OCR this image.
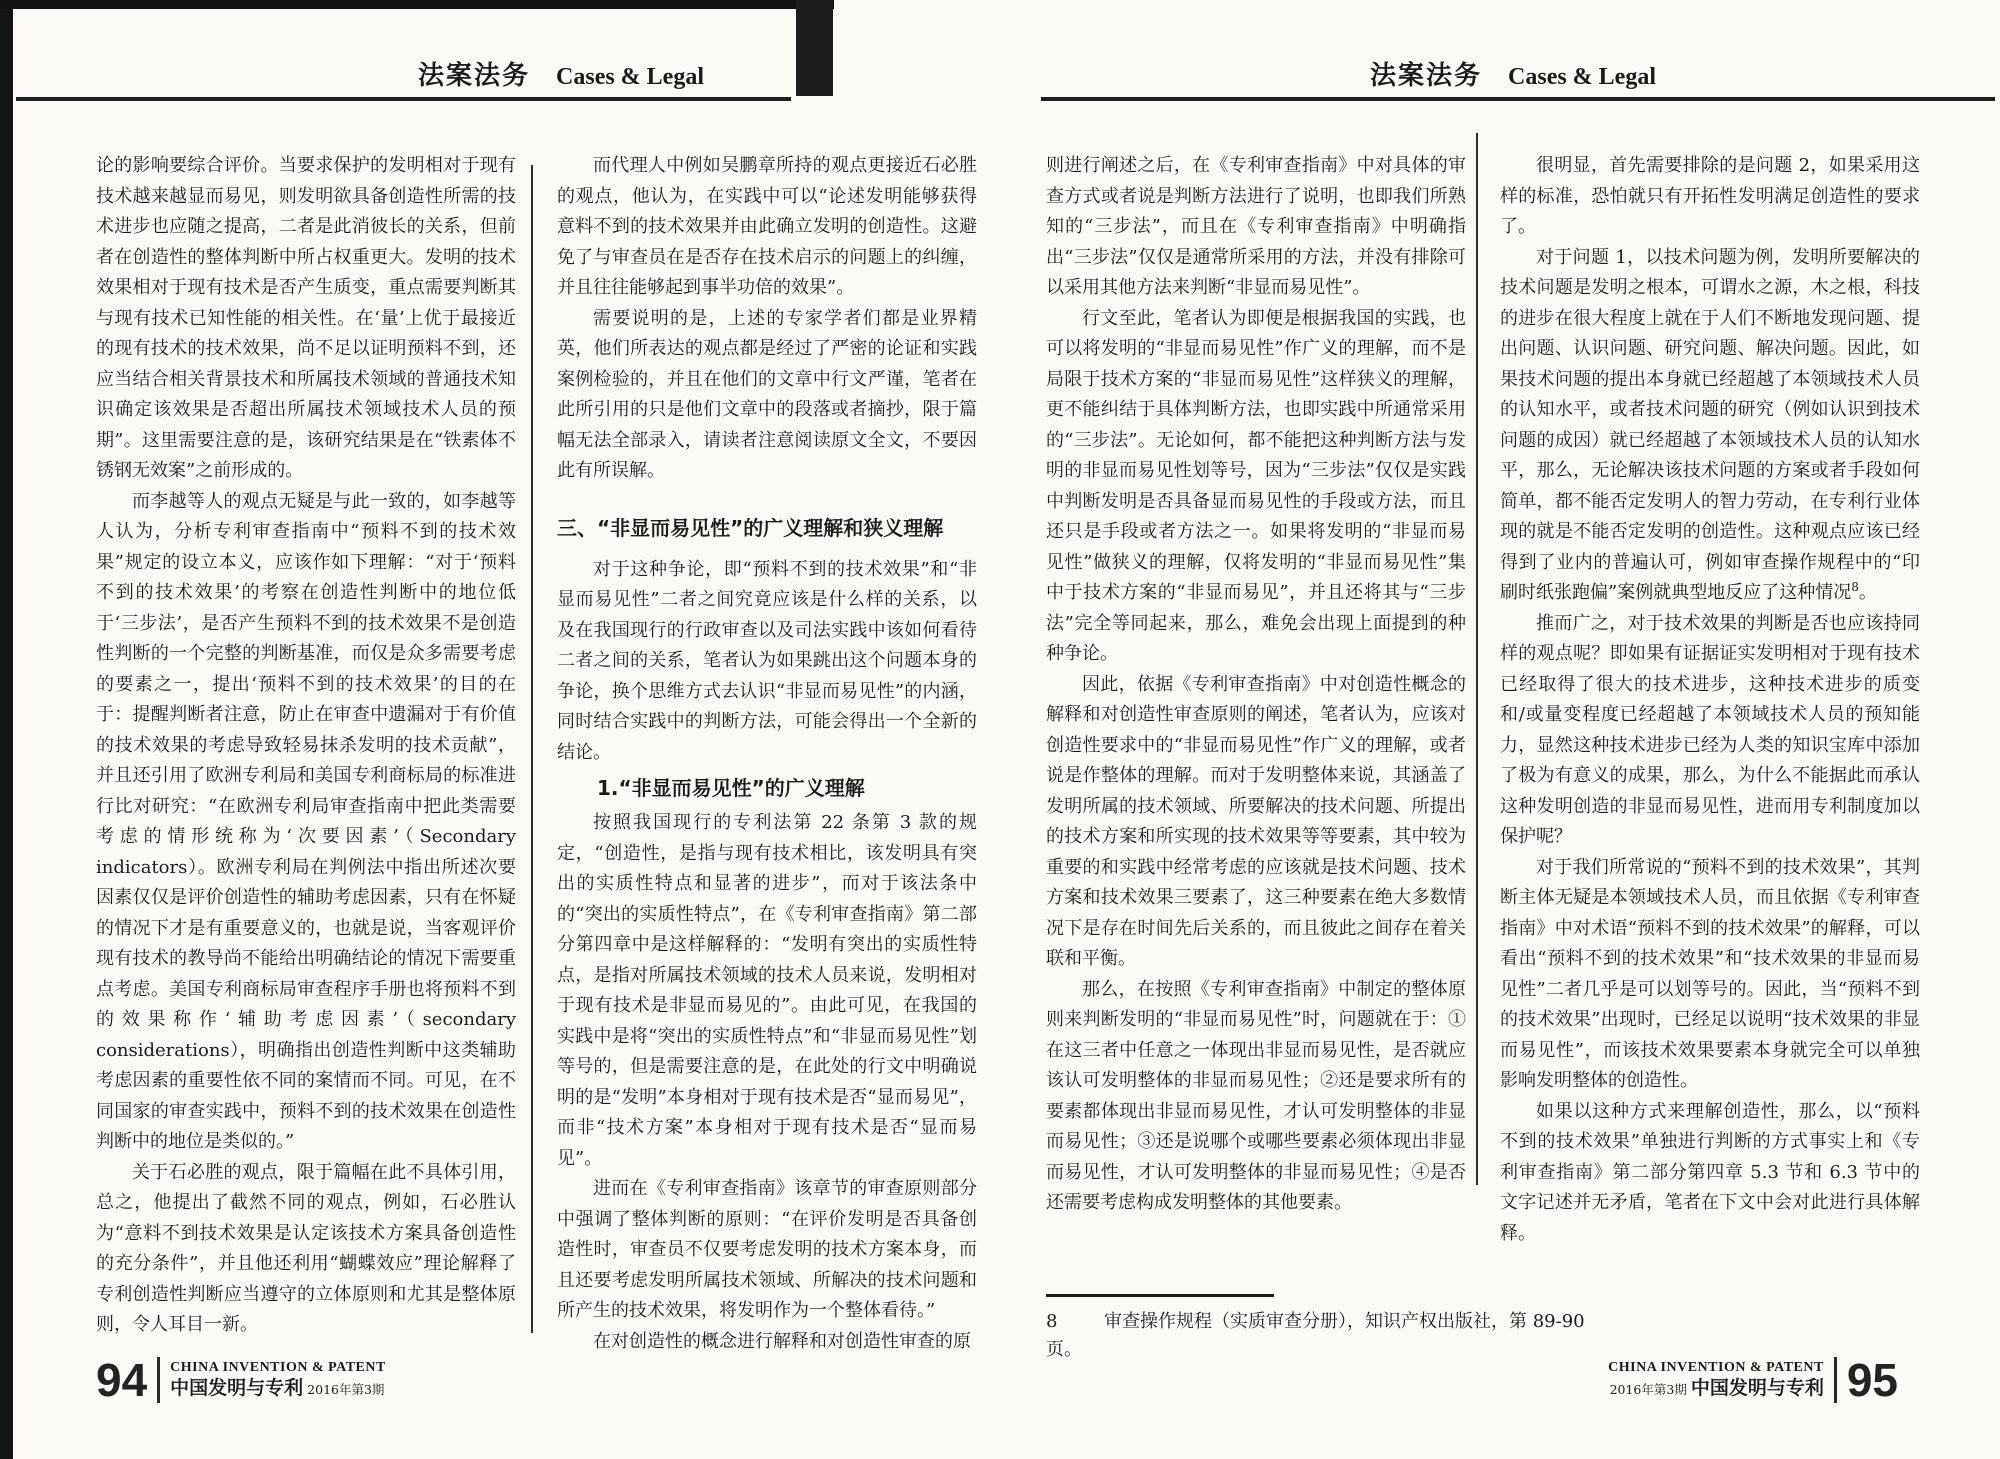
法案法务 Cases & Legal	法案法务 Cases & Legal

论的影响要综合评价。当要求保护的发明相对于现有技术越来越显而易见，则发明欲具备创造性所需的技术进步也应随之提高，二者是此消彼长的关系，但前者在创造性的整体判断中所占权重更大。发明的技术效果相对于现有技术是否产生质变，重点需要判断其与现有技术已知性能的相关性。在‘量’上优于最接近的现有技术的技术效果，尚不足以证明预料不到，还应当结合相关背景技术和所属技术领域的普通技术知识确定该效果是否超出所属技术领域技术人员的预期”。这里需要注意的是，该研究结果是在“铁素体不锈钢无效案”之前形成的。

而李越等人的观点无疑是与此一致的，如李越等人认为，分析专利审查指南中“预料不到的技术效果”规定的设立本义，应该作如下理解：“对于‘预料不到的技术效果’的考察在创造性判断中的地位低于‘三步法’，是否产生预料不到的技术效果不是创造性判断的一个完整的判断基准，而仅是众多需要考虑的要素之一，提出‘预料不到的技术效果’的目的在于：提醒判断者注意，防止在审查中遗漏对于有价值的技术效果的考虑导致轻易抹杀发明的技术贡献”，并且还引用了欧洲专利局和美国专利商标局的标准进行比对研究：“在欧洲专利局审查指南中把此类需要考虑的情形统称为‘次要因素’（Secondary indicators）。欧洲专利局在判例法中指出所述次要因素仅仅是评价创造性的辅助考虑因素，只有在怀疑的情况下才是有重要意义的，也就是说，当客观评价现有技术的教导尚不能给出明确结论的情况下需要重点考虑。美国专利商标局审查程序手册也将预料不到的效果称作‘辅助考虑因素’（secondary considerations），明确指出创造性判断中这类辅助考虑因素的重要性依不同的案情而不同。可见，在不同国家的审查实践中，预料不到的技术效果在创造性判断中的地位是类似的。”

关于石必胜的观点，限于篇幅在此不具体引用，总之，他提出了截然不同的观点，例如，石必胜认为“意料不到技术效果是认定该技术方案具备创造性的充分条件”，并且他还利用“蝴蝶效应”理论解释了专利创造性判断应当遵守的立体原则和尤其是整体原则，令人耳目一新。

而代理人中例如吴鹏章所持的观点更接近石必胜的观点，他认为，在实践中可以“论述发明能够获得意料不到的技术效果并由此确立发明的创造性。这避免了与审查员在是否存在技术启示的问题上的纠缠，并且往往能够起到事半功倍的效果”。

需要说明的是，上述的专家学者们都是业界精英，他们所表达的观点都是经过了严密的论证和实践案例检验的，并且在他们的文章中行文严谨，笔者在此所引用的只是他们文章中的段落或者摘抄，限于篇幅无法全部录入，请读者注意阅读原文全文，不要因此有所误解。

三、“非显而易见性”的广义理解和狭义理解

对于这种争论，即“预料不到的技术效果”和“非显而易见性”二者之间究竟应该是什么样的关系，以及在我国现行的行政审查以及司法实践中该如何看待二者之间的关系，笔者认为如果跳出这个问题本身的争论，换个思维方式去认识“非显而易见性”的内涵，同时结合实践中的判断方法，可能会得出一个全新的结论。

1.“非显而易见性”的广义理解

按照我国现行的专利法第 22 条第 3 款的规定，“创造性，是指与现有技术相比，该发明具有突出的实质性特点和显著的进步”，而对于该法条中的“突出的实质性特点”，在《专利审查指南》第二部分第四章中是这样解释的：“发明有突出的实质性特点，是指对所属技术领域的技术人员来说，发明相对于现有技术是非显而易见的”。由此可见，在我国的实践中是将“突出的实质性特点”和“非显而易见性”划等号的，但是需要注意的是，在此处的行文中明确说明的是“发明”本身相对于现有技术是否“显而易见”，而非“技术方案”本身相对于现有技术是否“显而易见”。

进而在《专利审查指南》该章节的审查原则部分中强调了整体判断的原则：“在评价发明是否具备创造性时，审查员不仅要考虑发明的技术方案本身，而且还要考虑发明所属技术领域、所解决的技术问题和所产生的技术效果，将发明作为一个整体看待。”

在对创造性的概念进行解释和对创造性审查的原

则进行阐述之后，在《专利审查指南》中对具体的审查方式或者说是判断方法进行了说明，也即我们所熟知的“三步法”，而且在《专利审查指南》中明确指出“三步法”仅仅是通常所采用的方法，并没有排除可以采用其他方法来判断“非显而易见性”。

行文至此，笔者认为即便是根据我国的实践，也可以将发明的“非显而易见性”作广义的理解，而不是局限于技术方案的“非显而易见性”这样狭义的理解，更不能纠结于具体判断方法，也即实践中所通常采用的“三步法”。无论如何，都不能把这种判断方法与发明的非显而易见性划等号，因为“三步法”仅仅是实践中判断发明是否具备显而易见性的手段或方法，而且还只是手段或者方法之一。如果将发明的“非显而易见性”做狭义的理解，仅将发明的“非显而易见性”集中于技术方案的“非显而易见”，并且还将其与“三步法”完全等同起来，那么，难免会出现上面提到的种种争论。

因此，依据《专利审查指南》中对创造性概念的解释和对创造性审查原则的阐述，笔者认为，应该对创造性要求中的“非显而易见性”作广义的理解，或者说是作整体的理解。而对于发明整体来说，其涵盖了发明所属的技术领域、所要解决的技术问题、所提出的技术方案和所实现的技术效果等等要素，其中较为重要的和实践中经常考虑的应该就是技术问题、技术方案和技术效果三要素了，这三种要素在绝大多数情况下是存在时间先后关系的，而且彼此之间存在着关联和平衡。

那么，在按照《专利审查指南》中制定的整体原则来判断发明的“非显而易见性”时，问题就在于：①在这三者中任意之一体现出非显而易见性，是否就应该认可发明整体的非显而易见性；②还是要求所有的要素都体现出非显而易见性，才认可发明整体的非显而易见性；③还是说哪个或哪些要素必须体现出非显而易见性，才认可发明整体的非显而易见性；④是否还需要考虑构成发明整体的其他要素。

很明显，首先需要排除的是问题 2，如果采用这样的标准，恐怕就只有开拓性发明满足创造性的要求了。

对于问题 1，以技术问题为例，发明所要解决的技术问题是发明之根本，可谓水之源，木之根，科技的进步在很大程度上就在于人们不断地发现问题、提出问题、认识问题、研究问题、解决问题。因此，如果技术问题的提出本身就已经超越了本领域技术人员的认知水平，或者技术问题的研究（例如认识到技术问题的成因）就已经超越了本领域技术人员的认知水平，那么，无论解决该技术问题的方案或者手段如何简单，都不能否定发明人的智力劳动，在专利行业体现的就是不能否定发明的创造性。这种观点应该已经得到了业内的普遍认可，例如审查操作规程中的“印刷时纸张跑偏”案例就典型地反应了这种情况$^8$。

推而广之，对于技术效果的判断是否也应该持同样的观点呢？即如果有证据证实发明相对于现有技术已经取得了很大的技术进步，这种技术进步的质变和/或量变程度已经超越了本领域技术人员的预知能力，显然这种技术进步已经为人类的知识宝库中添加了极为有意义的成果，那么，为什么不能据此而承认这种发明创造的非显而易见性，进而用专利制度加以保护呢？

对于我们所常说的“预料不到的技术效果”，其判断主体无疑是本领域技术人员，而且依据《专利审查指南》中对术语“预料不到的技术效果”的解释，可以看出“预料不到的技术效果”和“技术效果的非显而易见性”二者几乎是可以划等号的。因此，当“预料不到的技术效果”出现时，已经足以说明“技术效果的非显而易见性”，而该技术效果要素本身就完全可以单独影响发明整体的创造性。

如果以这种方式来理解创造性，那么，以“预料不到的技术效果”单独进行判断的方式事实上和《专利审查指南》第二部分第四章 5.3 节和 6.3 节中的文字记述并无矛盾，笔者在下文中会对此进行具体解释。

8	审查操作规程（实质审查分册），知识产权出版社，第 89-90 页。
94 CHINA INVENTION & PATENT
中国发明与专利 2016年第3期
CHINA INVENTION & PATENT
2016年第3期 中国发明与专利 95
